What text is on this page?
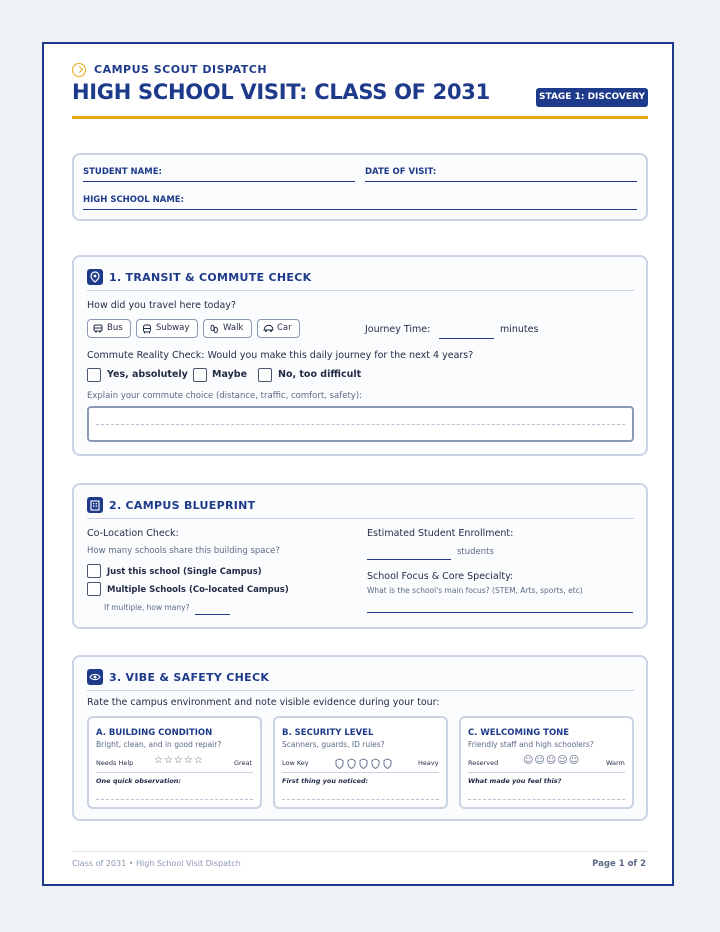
CAMPUS SCOUT DISPATCH
HIGH SCHOOL VISIT: CLASS OF 2031	STAGE 1: DISCOVERY
STUDENT NAME:	DATE OF VISIT:
HIGH SCHOOL NAME:
1. TRANSIT & COMMUTE CHECK
How did you travel here today?
Bus	Subway	Walk	Car	Journey Time:	minutes
Commute Reality Check: Would you make this daily journey for the next 4 years?
Yes, absolutely	Maybe	No, too difficult
Explain your commute choice (distance, traffic, comfort, safety):
2. CAMPUS BLUEPRINT
Co-Location Check:
How many schools share this building space?
Just this school (Single Campus)
Multiple Schools (Co-located Campus)
If multiple, how many?
Estimated Student Enrollment:
students
School Focus & Core Specialty:
What is the school's main focus? (STEM, Arts, sports, etc)
3. VIBE & SAFETY CHECK
Rate the campus environment and note visible evidence during your tour:
A. BUILDING CONDITION
Bright, clean, and in good repair?
Needs Help ☆☆☆☆☆	Great
One quick observation:
B. SECURITY LEVEL
Scanners, guards, ID rules?
Low Key	Heavy
First thing you noticed:
C. WELCOMING TONE
Friendly staff and high schoolers?
Reserved ☺☺☺☺☺	Warm
What made you feel this?
Class of 2031 • High School Visit Dispatch	Page 1 of 2
